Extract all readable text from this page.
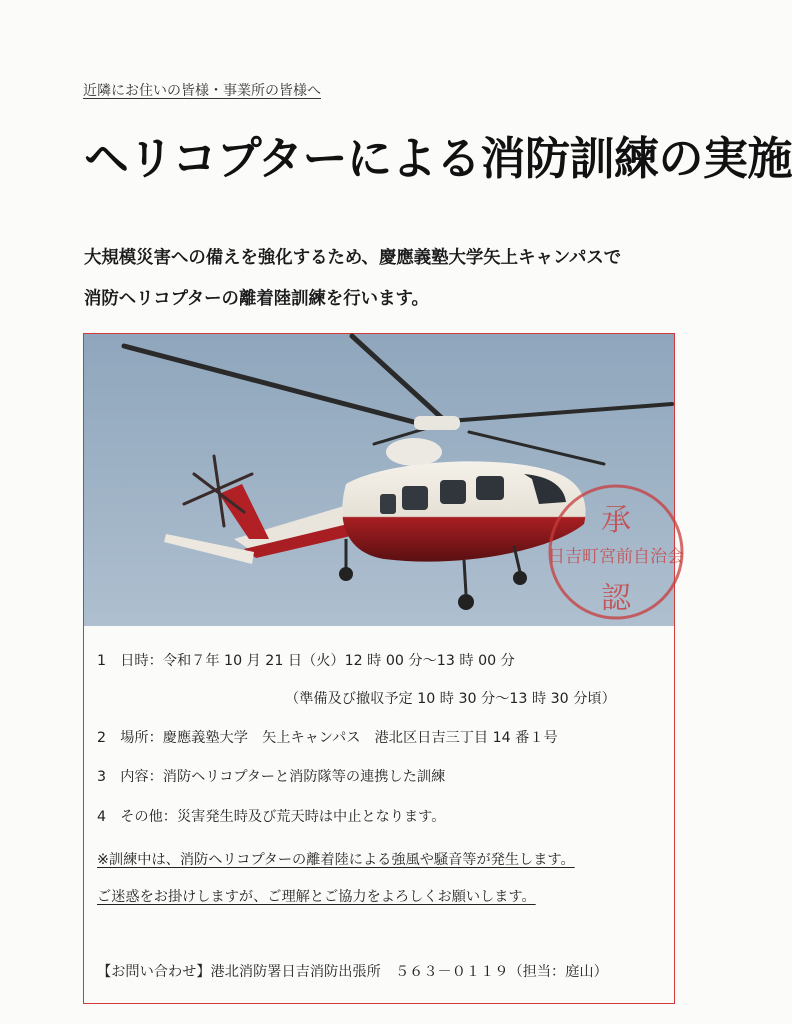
近隣にお住いの皆様・事業所の皆様へ
ヘリコプターによる消防訓練の実施
大規模災害への備えを強化するため、慶應義塾大学矢上キャンパスで
消防ヘリコプターの離着陸訓練を行います。
1　日時：令和７年 10 月 21 日（火）12 時 00 分～13 時 00 分
（準備及び撤収予定 10 時 30 分～13 時 30 分頃）
2　場所：慶應義塾大学　矢上キャンパス　港北区日吉三丁目 14 番１号
3　内容：消防ヘリコプターと消防隊等の連携した訓練
4　その他：災害発生時及び荒天時は中止となります。
※訓練中は、消防ヘリコプターの離着陸による強風や騒音等が発生します。
ご迷惑をお掛けしますが、ご理解とご協力をよろしくお願いします。
【お問い合わせ】港北消防署日吉消防出張所　５６３－０１１９（担当：庭山）
承
日吉町宮前自治会
認
